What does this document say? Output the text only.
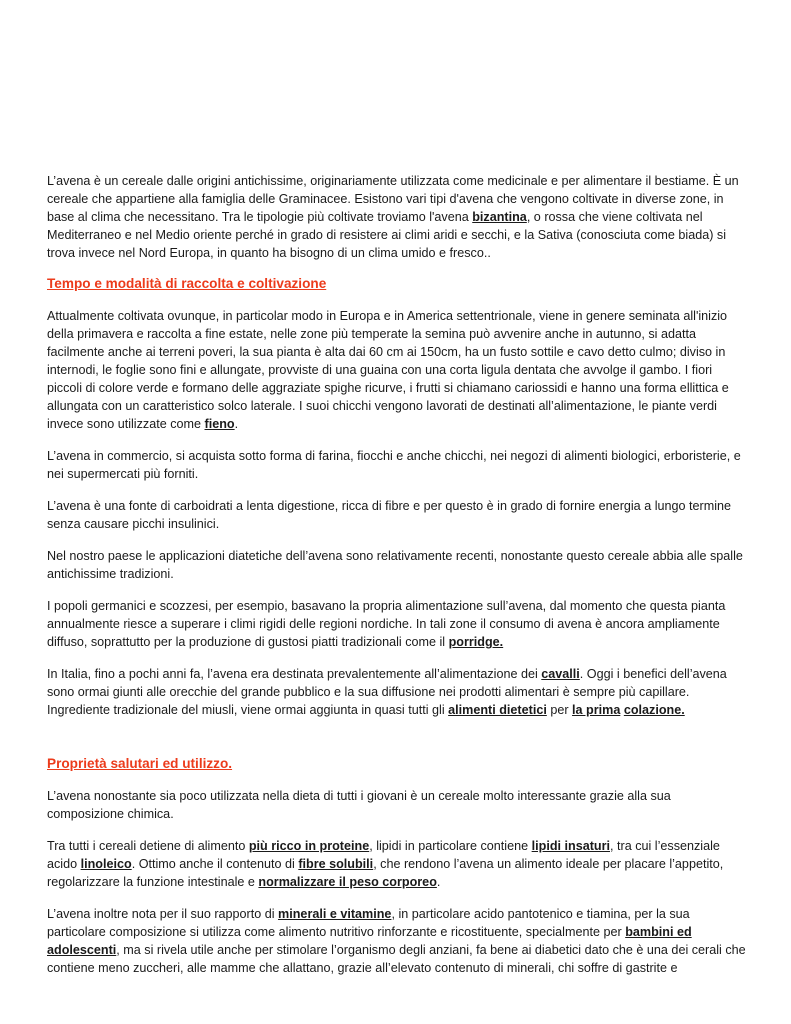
L’avena è un cereale dalle origini antichissime, originariamente utilizzata come medicinale e per alimentare il bestiame. È un cereale che appartiene alla famiglia delle Graminacee. Esistono vari tipi d'avena che vengono coltivate in diverse zone, in base al clima che necessitano. Tra le tipologie più coltivate troviamo l'avena bizantina, o rossa che viene coltivata nel Mediterraneo e nel Medio oriente perché in grado di resistere ai climi aridi e secchi, e la Sativa (conosciuta come biada) si trova invece nel Nord Europa, in quanto ha bisogno di un clima umido e fresco..

Tempo e modalità di raccolta e coltivazione

Attualmente coltivata ovunque, in particolar modo in Europa e in America settentrionale, viene in genere seminata all'inizio della primavera e raccolta a fine estate, nelle zone più temperate la semina può avvenire anche in autunno, si adatta facilmente anche ai terreni poveri, la sua pianta è alta dai 60 cm ai 150cm, ha un fusto sottile e cavo detto culmo; diviso in internodi, le foglie sono fini e allungate, provviste di una guaina con una corta ligula dentata che avvolge il gambo. I fiori piccoli di colore verde e formano delle aggraziate spighe ricurve, i frutti si chiamano cariossidi e hanno una forma ellittica e allungata con un caratteristico solco laterale. I suoi chicchi vengono lavorati de destinati all’alimentazione, le piante verdi invece sono utilizzate come fieno.

L’avena in commercio, si acquista sotto forma di farina, fiocchi e anche chicchi, nei negozi di alimenti biologici, erboristerie, e nei supermercati più forniti.

L’avena è una fonte di carboidrati a lenta digestione, ricca di fibre e per questo è in grado di fornire energia a lungo termine senza causare picchi insulinici.

Nel nostro paese le applicazioni diatetiche dell’avena sono relativamente recenti, nonostante questo cereale abbia alle spalle antichissime tradizioni.

I popoli germanici e scozzesi, per esempio, basavano la propria alimentazione sull’avena, dal momento che questa pianta annualmente riesce a superare i climi rigidi delle regioni nordiche. In tali zone il consumo di avena è ancora ampliamente diffuso, soprattutto per la produzione di gustosi piatti tradizionali come il porridge.

In Italia, fino a pochi anni fa, l’avena era destinata prevalentemente all’alimentazione dei cavalli. Oggi i benefici dell’avena sono ormai giunti alle orecchie del grande pubblico e la sua diffusione nei prodotti alimentari è sempre più capillare. Ingrediente tradizionale del miusli, viene ormai aggiunta in quasi tutti gli alimenti dietetici per la prima colazione.

Proprietà salutari ed utilizzo.

L’avena nonostante sia poco utilizzata nella dieta di tutti i giovani è un cereale molto interessante grazie alla sua composizione chimica.

Tra tutti i cereali detiene di alimento più ricco in proteine, lipidi in particolare contiene lipidi insaturi, tra cui l’essenziale acido linoleico. Ottimo anche il contenuto di fibre solubili, che rendono l’avena un alimento ideale per placare l’appetito, regolarizzare la funzione intestinale e normalizzare il peso corporeo.

L’avena inoltre nota per il suo rapporto di minerali e vitamine, in particolare acido pantotenico e tiamina, per la sua particolare composizione si utilizza come alimento nutritivo rinforzante e ricostituente, specialmente per bambini ed adolescenti, ma si rivela utile anche per stimolare l’organismo degli anziani, fa bene ai diabetici dato che è una dei cerali che contiene meno zuccheri, alle mamme che allattano, grazie all’elevato contenuto di minerali, chi soffre di gastrite e
